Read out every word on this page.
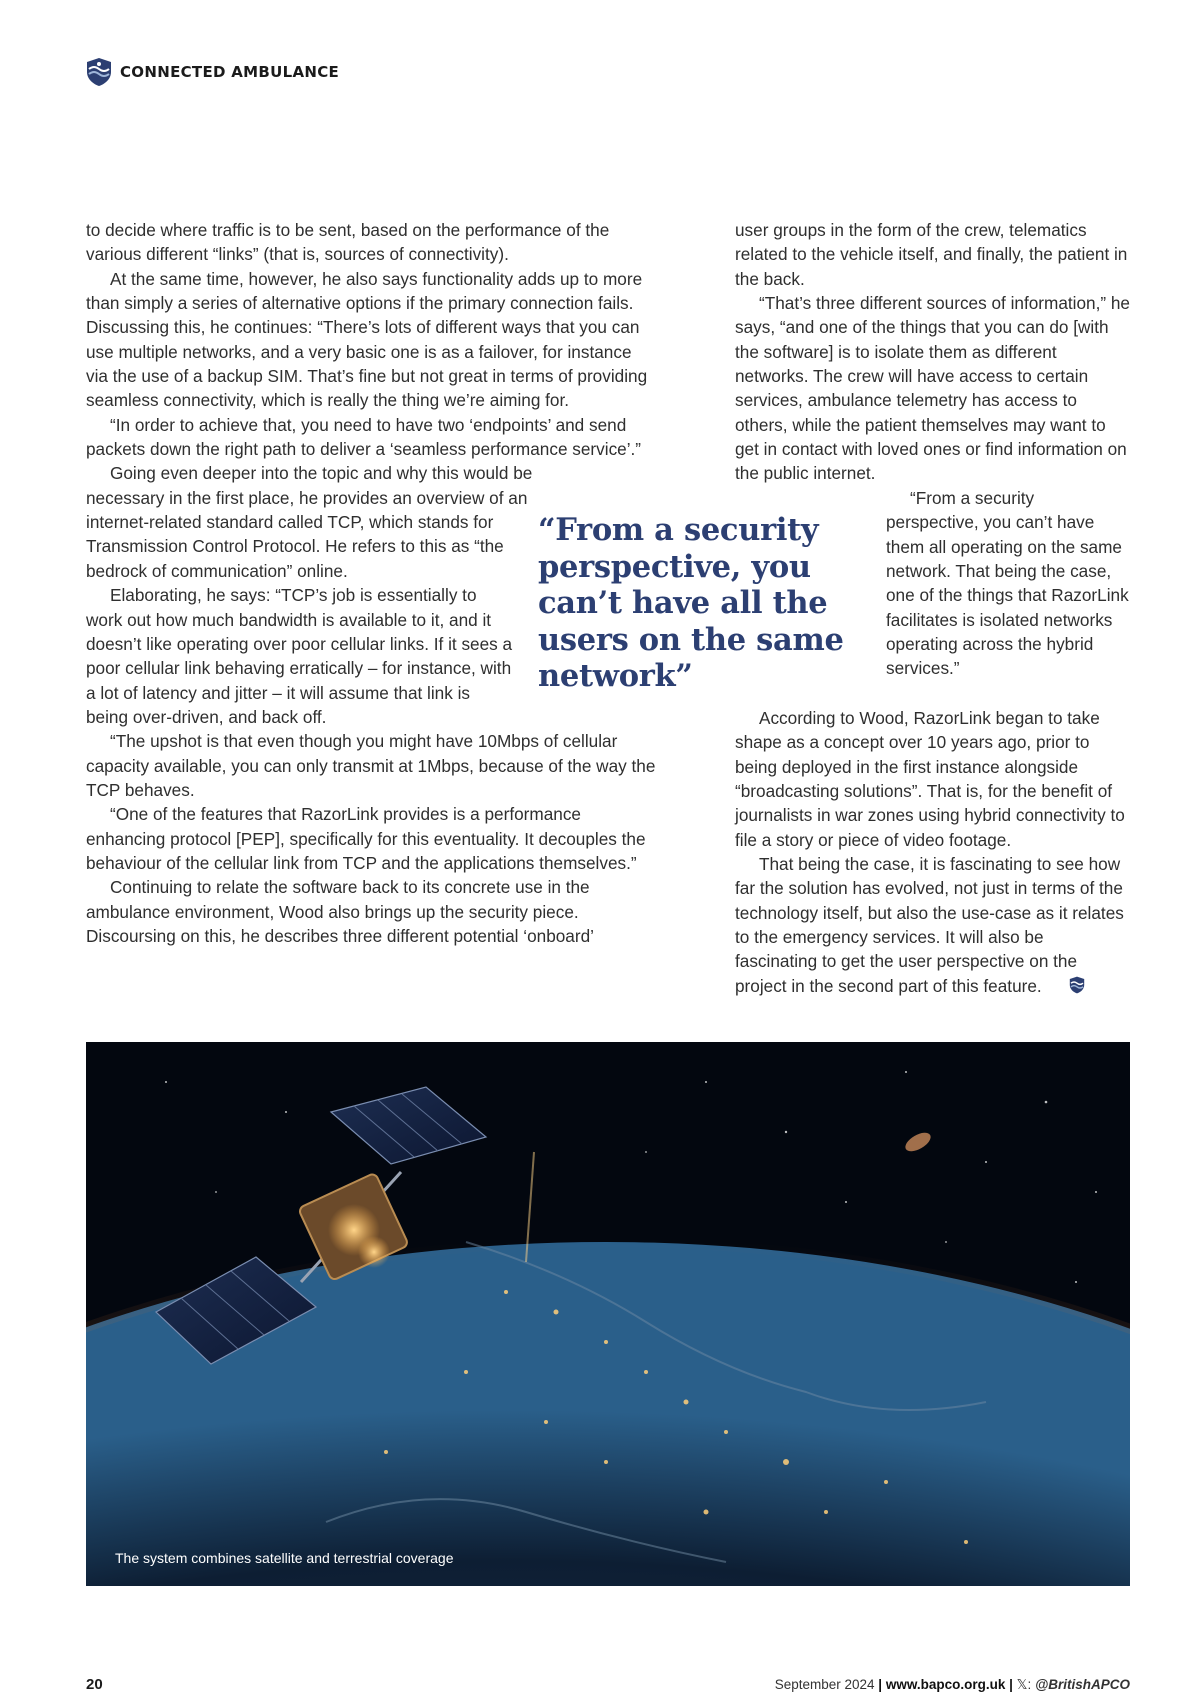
CONNECTED AMBULANCE

to decide where traffic is to be sent, based on the performance of the various different “links” (that is, sources of connectivity).

At the same time, however, he also says functionality adds up to more than simply a series of alternative options if the primary connection fails. Discussing this, he continues: “There’s lots of different ways that you can use multiple networks, and a very basic one is as a failover, for instance via the use of a backup SIM. That’s fine but not great in terms of providing seamless connectivity, which is really the thing we’re aiming for.

“In order to achieve that, you need to have two ‘endpoints’ and send packets down the right path to deliver a ‘seamless performance service’.”

Going even deeper into the topic and why this would be necessary in the first place, he provides an overview of an internet-related standard called TCP, which stands for Transmission Control Protocol. He refers to this as “the bedrock of communication” online.

Elaborating, he says: “TCP’s job is essentially to work out how much bandwidth is available to it, and it doesn’t like operating over poor cellular links. If it sees a poor cellular link behaving erratically – for instance, with a lot of latency and jitter – it will assume that link is being over-driven, and back off.

“The upshot is that even though you might have 10Mbps of cellular capacity available, you can only transmit at 1Mbps, because of the way the TCP behaves.

“One of the features that RazorLink provides is a performance enhancing protocol [PEP], specifically for this eventuality. It decouples the behaviour of the cellular link from TCP and the applications themselves.”

Continuing to relate the software back to its concrete use in the ambulance environment, Wood also brings up the security piece. Discoursing on this, he describes three different potential ‘onboard’

“From a security perspective, you can’t have all the users on the same network”

user groups in the form of the crew, telematics related to the vehicle itself, and finally, the patient in the back.

“That’s three different sources of information,” he says, “and one of the things that you can do [with the software] is to isolate them as different networks. The crew will have access to certain services, ambulance telemetry has access to others, while the patient themselves may want to get in contact with loved ones or find information on the public internet.

“From a security perspective, you can’t have them all operating on the same network. That being the case, one of the things that RazorLink facilitates is isolated networks operating across the hybrid services.”

According to Wood, RazorLink began to take shape as a concept over 10 years ago, prior to being deployed in the first instance alongside “broadcasting solutions”. That is, for the benefit of journalists in war zones using hybrid connectivity to file a story or piece of video footage.

That being the case, it is fascinating to see how far the solution has evolved, not just in terms of the technology itself, but also the use-case as it relates to the emergency services. It will also be fascinating to get the user perspective on the project in the second part of this feature.

The system combines satellite and terrestrial coverage
20	September 2024 | www.bapco.org.uk | 𝕏: @BritishAPCO
